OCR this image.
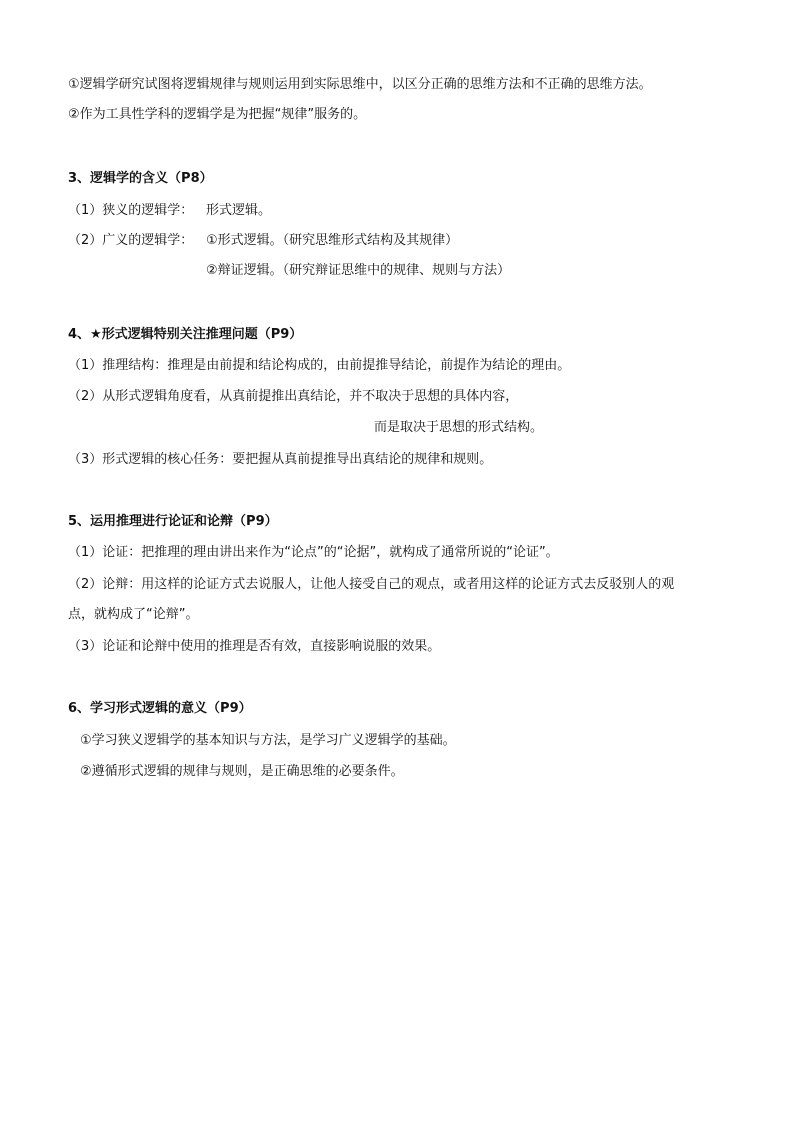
①逻辑学研究试图将逻辑规律与规则运用到实际思维中，以区分正确的思维方法和不正确的思维方法。
②作为工具性学科的逻辑学是为把握“规律”服务的。
3、逻辑学的含义（P8）
（1）狭义的逻辑学： 形式逻辑。
（2）广义的逻辑学： ①形式逻辑。（研究思维形式结构及其规律）
②辩证逻辑。（研究辩证思维中的规律、规则与方法）
4、★形式逻辑特别关注推理问题（P9）
（1）推理结构：推理是由前提和结论构成的，由前提推导结论，前提作为结论的理由。
（2）从形式逻辑角度看，从真前提推出真结论，并不取决于思想的具体内容，
而是取决于思想的形式结构。
（3）形式逻辑的核心任务：要把握从真前提推导出真结论的规律和规则。
5、运用推理进行论证和论辩（P9）
（1）论证：把推理的理由讲出来作为“论点”的“论据”，就构成了通常所说的“论证”。
（2）论辩：用这样的论证方式去说服人，让他人接受自己的观点，或者用这样的论证方式去反驳别人的观
点，就构成了“论辩”。
（3）论证和论辩中使用的推理是否有效，直接影响说服的效果。
6、学习形式逻辑的意义（P9）
①学习狭义逻辑学的基本知识与方法，是学习广义逻辑学的基础。
②遵循形式逻辑的规律与规则，是正确思维的必要条件。
